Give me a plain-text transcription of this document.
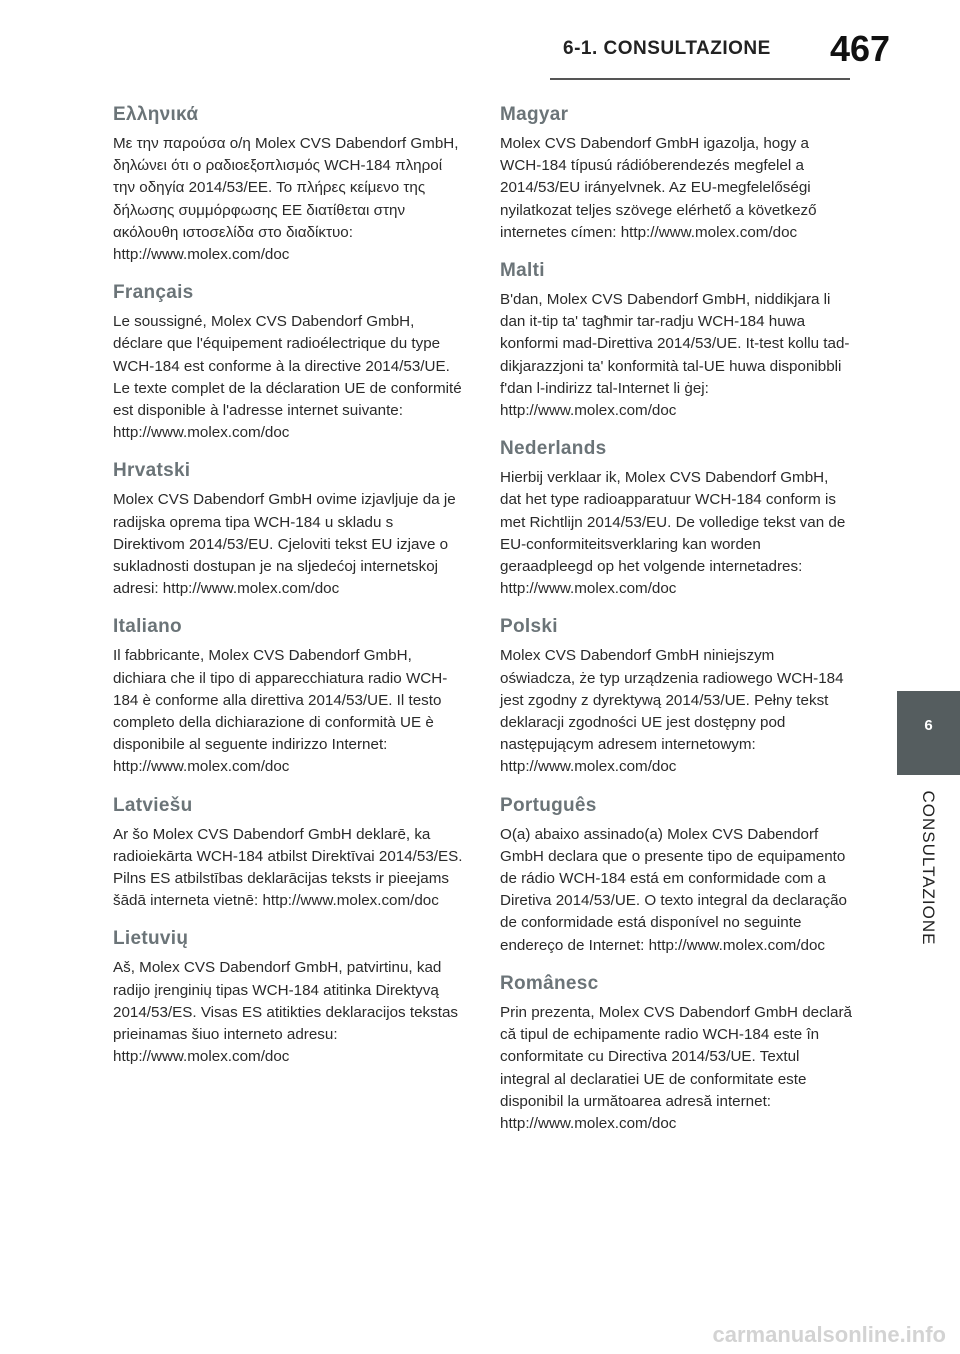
6-1. CONSULTAZIONE 467
6
CONSULTAZIONE
Ελληνικά

Με την παρούσα ο/η Molex CVS Dabendorf GmbH, δηλώνει ότι ο ραδιοεξοπλισμός WCH-184 πληροί την οδηγία 2014/53/ΕΕ. Το πλήρες κείμενο της δήλωσης συμμόρφωσης ΕΕ διατίθεται στην ακόλουθη ιστοσελίδα στο διαδίκτυο: http://www.molex.com/doc

Français

Le soussigné, Molex CVS Dabendorf GmbH, déclare que l'équipement radioélectrique du type WCH-184 est conforme à la directive 2014/53/UE. Le texte complet de la déclaration UE de conformité est disponible à l'adresse internet suivante: http://www.molex.com/doc

Hrvatski

Molex CVS Dabendorf GmbH ovime izjavljuje da je radijska oprema tipa WCH-184 u skladu s Direktivom 2014/53/EU. Cjeloviti tekst EU izjave o sukladnosti dostupan je na sljedećoj internetskoj adresi: http://www.molex.com/doc

Italiano

Il fabbricante, Molex CVS Dabendorf GmbH, dichiara che il tipo di apparecchiatura radio WCH-184 è conforme alla direttiva 2014/53/UE. Il testo completo della dichiarazione di conformità UE è disponibile al seguente indirizzo Internet: http://www.molex.com/doc

Latviešu

Ar šo Molex CVS Dabendorf GmbH deklarē, ka radioiekārta WCH-184 atbilst Direktīvai 2014/53/ES. Pilns ES atbilstības deklarācijas teksts ir pieejams šādā interneta vietnē: http://www.molex.com/doc

Lietuvių

Aš, Molex CVS Dabendorf GmbH, patvirtinu, kad radijo įrenginių tipas WCH-184 atitinka Direktyvą 2014/53/ES. Visas ES atitikties deklaracijos tekstas prieinamas šiuo interneto adresu: http://www.molex.com/doc

Magyar

Molex CVS Dabendorf GmbH igazolja, hogy a WCH-184 típusú rádióberendezés megfelel a 2014/53/EU irányelvnek. Az EU-megfelelőségi nyilatkozat teljes szövege elérhető a következő internetes címen: http://www.molex.com/doc

Malti

B'dan, Molex CVS Dabendorf GmbH, niddikjara li dan it-tip ta' tagħmir tar-radju WCH-184 huwa konformi mad-Direttiva 2014/53/UE. It-test kollu tad-dikjarazzjoni ta' konformità tal-UE huwa disponibbli f'dan l-indirizz tal-Internet li ġej: http://www.molex.com/doc

Nederlands

Hierbij verklaar ik, Molex CVS Dabendorf GmbH, dat het type radioapparatuur WCH-184 conform is met Richtlijn 2014/53/EU. De volledige tekst van de EU-conformiteitsverklaring kan worden geraadpleegd op het volgende internetadres: http://www.molex.com/doc

Polski

Molex CVS Dabendorf GmbH niniejszym oświadcza, że typ urządzenia radiowego WCH-184 jest zgodny z dyrektywą 2014/53/UE. Pełny tekst deklaracji zgodności UE jest dostępny pod następującym adresem internetowym: http://www.molex.com/doc

Português

O(a) abaixo assinado(a) Molex CVS Dabendorf GmbH declara que o presente tipo de equipamento de rádio WCH-184 está em conformidade com a Diretiva 2014/53/UE. O texto integral da declaração de conformidade está disponível no seguinte endereço de Internet: http://www.molex.com/doc

Românesc

Prin prezenta, Molex CVS Dabendorf GmbH declară că tipul de echipamente radio WCH-184 este în conformitate cu Directiva 2014/53/UE. Textul integral al declaratiei UE de conformitate este disponibil la următoarea adresă internet: http://www.molex.com/doc

carmanualsonline.info
